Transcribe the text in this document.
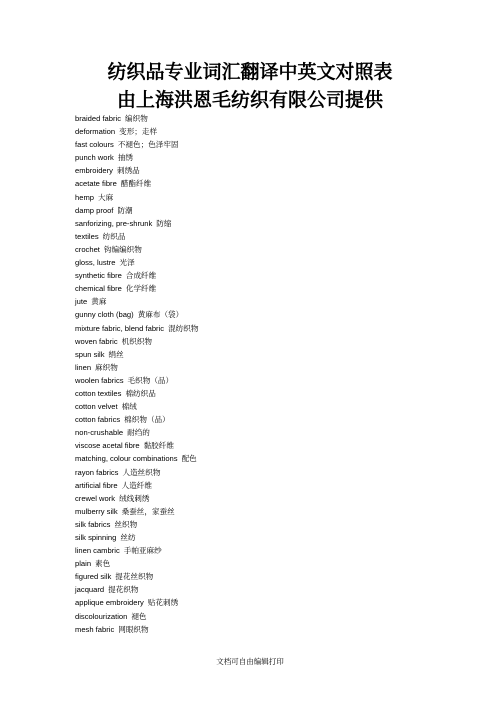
纺织品专业词汇翻译中英文对照表
由上海洪恩毛纺织有限公司提供
braided fabric 编织物
deformation 变形；走样
fast colours 不褪色；色泽牢固
punch work 抽绣
embroidery 刺绣品
acetate fibre 醋酯纤维
hemp 大麻
damp proof 防潮
sanforizing, pre-shrunk 防缩
textiles 纺织品
crochet 钩编编织物
gloss, lustre 光泽
synthetic fibre 合成纤维
chemical fibre 化学纤维
jute 黄麻
gunny cloth (bag) 黄麻布（袋）
mixture fabric, blend fabric 混纺织物
woven fabric 机织织物
spun silk 绢丝
linen 麻织物
woolen fabrics 毛织物（品）
cotton textiles 棉纺织品
cotton velvet 棉绒
cotton fabrics 棉织物（品）
non-crushable 耐绉的
viscose acetal fibre 黏胶纤维
matching, colour combinations 配色
rayon fabrics 人造丝织物
artificial fibre 人造纤维
crewel work 绒线刺绣
mulberry silk 桑蚕丝，家蚕丝
silk fabrics 丝织物
silk spinning 丝纺
linen cambric 手帕亚麻纱
plain 素色
figured silk 提花丝织物
jacquard 提花织物
applique embroidery 贴花刺绣
discolourization 褪色
mesh fabric 网眼织物
文档可自由编辑打印
